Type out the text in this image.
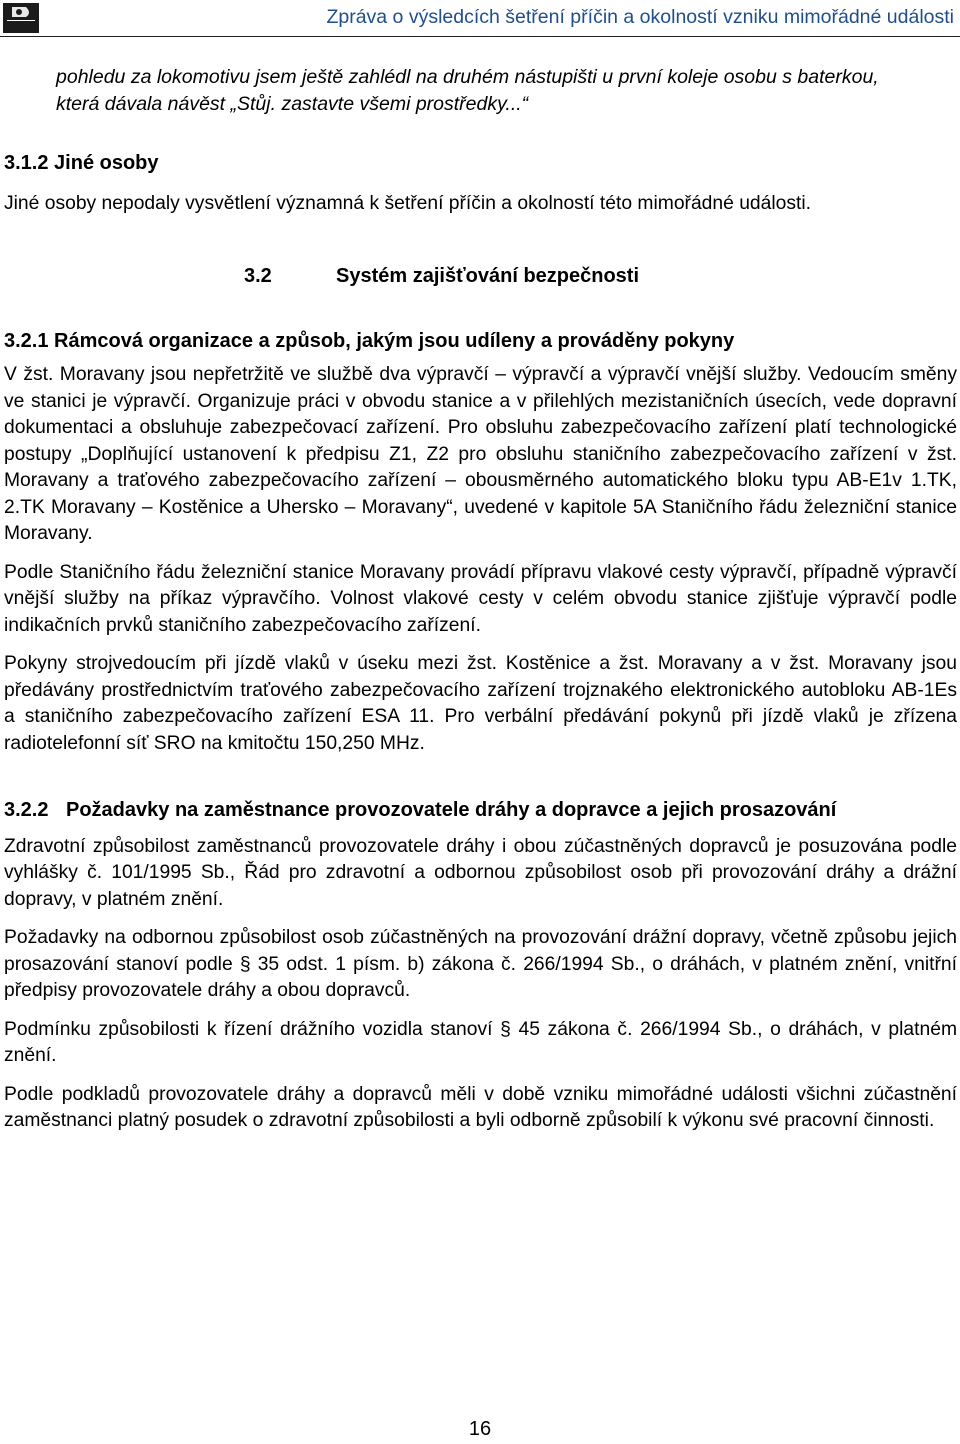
Zpráva o výsledcích šetření příčin a okolností vzniku mimořádné události
pohledu za lokomotivu jsem ještě zahlédl na druhém nástupišti u první koleje osobu s baterkou, která dávala návěst „Stůj. zastavte všemi prostředky...“
3.1.2 Jiné osoby

Jiné osoby nepodaly vysvětlení významná k šetření příčin a okolností této mimořádné události.

3.2	Systém zajišťování bezpečnosti
3.2.1 Rámcová organizace a způsob, jakým jsou udíleny a prováděny pokyny

V žst. Moravany jsou nepřetržitě ve službě dva výpravčí – výpravčí a výpravčí vnější služby. Vedoucím směny ve stanici je výpravčí. Organizuje práci v obvodu stanice a v přilehlých mezistaničních úsecích, vede dopravní dokumentaci a obsluhuje zabezpečovací zařízení. Pro obsluhu zabezpečovacího zařízení platí technologické postupy „Doplňující ustanovení k předpisu Z1, Z2 pro obsluhu staničního zabezpečovacího zařízení v žst. Moravany a traťového zabezpečovacího zařízení – obousměrného automatického bloku typu AB-E1v 1.TK, 2.TK Moravany – Kostěnice a Uhersko – Moravany“, uvedené v kapitole 5A Staničního řádu železniční stanice Moravany.

Podle Staničního řádu železniční stanice Moravany provádí přípravu vlakové cesty výpravčí, případně výpravčí vnější služby na příkaz výpravčího. Volnost vlakové cesty v celém obvodu stanice zjišťuje výpravčí podle indikačních prvků staničního zabezpečovacího zařízení.

Pokyny strojvedoucím při jízdě vlaků v úseku mezi žst. Kostěnice a žst. Moravany a v žst. Moravany jsou předávány prostřednictvím traťového zabezpečovacího zařízení trojznakého elektronického autobloku AB-1Es a staničního zabezpečovacího zařízení ESA 11. Pro verbální předávání pokynů při jízdě vlaků je zřízena radiotelefonní síť SRO na kmitočtu 150,250 MHz.

3.2.2 Požadavky na zaměstnance provozovatele dráhy a dopravce a jejich prosazování

Zdravotní způsobilost zaměstnanců provozovatele dráhy i obou zúčastněných dopravců je posuzována podle vyhlášky č. 101/1995 Sb., Řád pro zdravotní a odbornou způsobilost osob při provozování dráhy a drážní dopravy, v platném znění.

Požadavky na odbornou způsobilost osob zúčastněných na provozování drážní dopravy, včetně způsobu jejich prosazování stanoví podle § 35 odst. 1 písm. b) zákona č. 266/1994 Sb., o dráhách, v platném znění, vnitřní předpisy provozovatele dráhy a obou dopravců.

Podmínku způsobilosti k řízení drážního vozidla stanoví § 45 zákona č. 266/1994 Sb., o dráhách, v platném znění.

Podle podkladů provozovatele dráhy a dopravců měli v době vzniku mimořádné události všichni zúčastnění zaměstnanci platný posudek o zdravotní způsobilosti a byli odborně způsobilí k výkonu své pracovní činnosti.

16
